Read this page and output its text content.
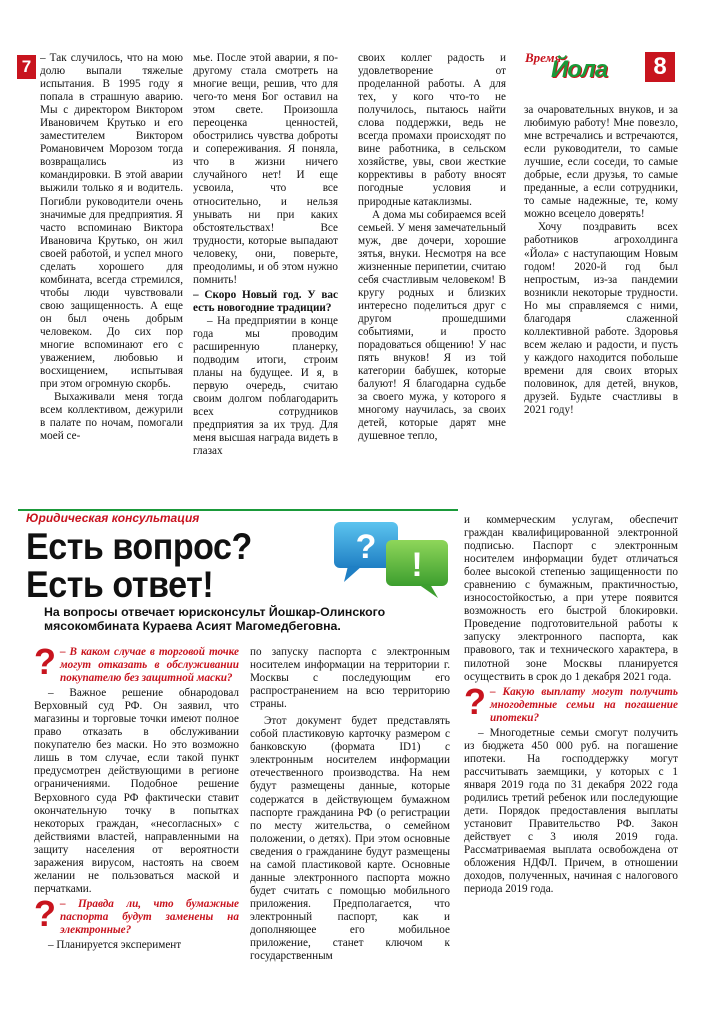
7	Время
Йола	8

– Так случилось, что на мою долю выпали тяжелые испытания. В 1995 году я попала в страшную аварию. Мы с директором Виктором Ивановичем Крутько и его заместителем Виктором Романовичем Морозом тогда возвращались из командировки. В этой аварии выжили только я и водитель. Погибли руководители очень значимые для предприятия. Я часто вспоминаю Виктора Ивановича Крутько, он жил своей работой, и успел много сделать хорошего для комбината, всегда стремился, чтобы люди чувствовали свою защищенность. А еще он был очень добрым человеком. До сих пор многие вспоминают его с уважением, любовью и восхищением, испытывая при этом огромную скорбь.

Выхаживали меня тогда всем коллективом, дежурили в палате по ночам, помогали моей се-

мье. После этой аварии, я по-другому стала смотреть на многие вещи, решив, что для чего-то меня Бог оставил на этом свете. Произошла переоценка ценностей, обострились чувства доброты и сопереживания. Я поняла, что в жизни ничего случайного нет! И еще усвоила, что все относительно, и нельзя унывать ни при каких обстоятельствах! Все трудности, которые выпадают человеку, они, поверьте, преодолимы, и об этом нужно помнить!

– Скоро Новый год. У вас есть новогодние традиции?

– На предприятии в конце года мы проводим расширенную планерку, подводим итоги, строим планы на будущее. И я, в первую очередь, считаю своим долгом поблагодарить всех сотрудников предприятия за их труд. Для меня высшая награда видеть в глазах

своих коллег радость и удовлетворение от проделанной работы. А для тех, у кого что-то не получилось, пытаюсь найти слова поддержки, ведь не всегда промахи происходят по вине работника, в сельском хозяйстве, увы, свои жесткие коррективы в работу вносят погодные условия и природные катаклизмы.

А дома мы собираемся всей семьей. У меня замечательный муж, две дочери, хорошие зятья, внуки. Несмотря на все жизненные перипетии, считаю себя счастливым человеком! В кругу родных и близких интересно поделиться друг с другом прошедшими событиями, и просто порадоваться общению! У нас пять внуков! Я из той категории бабушек, которые балуют! Я благодарна судьбе за своего мужа, у которого я многому научилась, за своих детей, которые дарят мне душевное тепло,

за очаровательных внуков, и за любимую работу! Мне повезло, мне встречались и встречаются, если руководители, то самые лучшие, если соседи, то самые добрые, если друзья, то самые преданные, а если сотрудники, то самые надежные, те, кому можно всецело доверять!

Хочу поздравить всех работников агрохолдинга «Йола» с наступающим Новым годом! 2020-й год был непростым, из-за пандемии возникли некоторые трудности. Но мы справляемся с ними, благодаря слаженной коллективной работе. Здоровья всем желаю и радости, и пусть у каждого находится побольше времени для своих вторых половинок, для детей, внуков, друзей. Будьте счастливы в 2021 году!

Юридическая консультация
Есть вопрос?
Есть ответ!
? !
На вопросы отвечает юрисконсульт Йошкар-Олинского мясокомбината Кураева Асият Магомедбеговна.
? – В каком случае в торговой точке могут отказать в обслуживании покупателю без защитной маски?

– Важное решение обнародовал Верховный суд РФ. Он заявил, что магазины и торговые точки имеют полное право отказать в обслуживании покупателю без маски. Но это возможно лишь в том случае, если такой пункт предусмотрен действующими в регионе ограничениями. Подобное решение Верховного суда РФ фактически ставит окончательную точку в попытках некоторых граждан, «несогласных» с действиями властей, направленными на защиту населения от вероятности заражения вирусом, настоять на своем желании не пользоваться маской и перчатками.

? – Правда ли, что бумажные паспорта будут заменены на электронные?

– Планируется эксперимент

по запуску паспорта с электронным носителем информации на территории г. Москвы с последующим его распространением на всю территорию страны.

Этот документ будет представлять собой пластиковую карточку размером с банковскую (формата ID1) с электронным носителем информации отечественного производства. На нем будут размещены данные, которые содержатся в действующем бумажном паспорте гражданина РФ (о регистрации по месту жительства, о семейном положении, о детях). При этом основные сведения о гражданине будут размещены на самой пластиковой карте. Основные данные электронного паспорта можно будет считать с помощью мобильного приложения. Предполагается, что электронный паспорт, как и дополняющее его мобильное приложение, станет ключом к государственным

и коммерческим услугам, обеспечит граждан квалифицированной электронной подписью. Паспорт с электронным носителем информации будет отличаться более высокой степенью защищенности по сравнению с бумажным, практичностью, износостойкостью, а при утере появится возможность его быстрой блокировки. Проведение подготовительной работы к запуску электронного паспорта, как правового, так и технического характера, в пилотной зоне Москвы планируется осуществить в срок до 1 декабря 2021 года.

? – Какую выплату могут получить многодетные семьи на погашение ипотеки?

– Многодетные семьи смогут получить из бюджета 450 000 руб. на погашение ипотеки. На господдержку могут рассчитывать заемщики, у которых с 1 января 2019 года по 31 декабря 2022 года родились третий ребенок или последующие дети. Порядок предоставления выплаты установит Правительство РФ. Закон действует с 3 июля 2019 года. Рассматриваемая выплата освобождена от обложения НДФЛ. Причем, в отношении доходов, полученных, начиная с налогового периода 2019 года.
